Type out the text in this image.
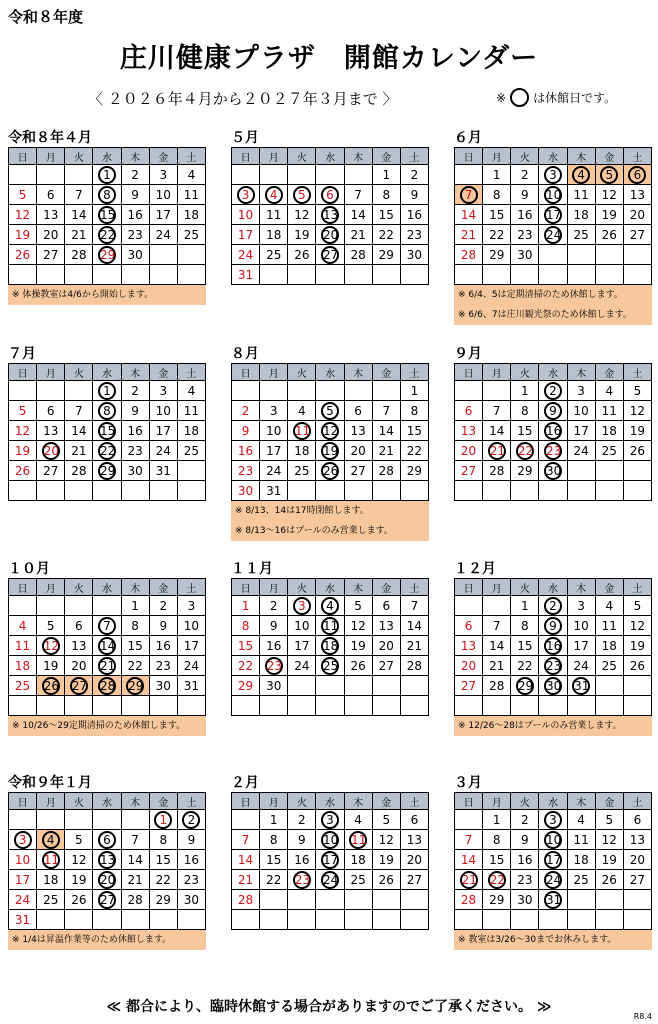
令和８年度
庄川健康プラザ　開館カレンダー
〈 ２０２６年４月から２０２７年３月まで 〉	※ は休館日です。
令和８年４月
日	月	火	水	木	金	土
			1	2	3	4
5	6	7	8	9	10	11
12	13	14	15	16	17	18
19	20	21	22	23	24	25
26	27	28	29	30		

※ 体操教室は4/6から開始します。
５月
日	月	火	水	木	金	土
					1	2
3	4	5	6	7	8	9
10	11	12	13	14	15	16
17	18	19	20	21	22	23
24	25	26	27	28	29	30
31						
６月
日	月	火	水	木	金	土
	1	2	3	4	5	6
7	8	9	10	11	12	13
14	15	16	17	18	19	20
21	22	23	24	25	26	27
28	29	30				

※ 6/4、5は定期清掃のため休館します。
※ 6/6、7は庄川観光祭のため休館します。
７月
日	月	火	水	木	金	土
			1	2	3	4
5	6	7	8	9	10	11
12	13	14	15	16	17	18
19	20	21	22	23	24	25
26	27	28	29	30	31	

８月
日	月	火	水	木	金	土
						1
2	3	4	5	6	7	8
9	10	11	12	13	14	15
16	17	18	19	20	21	22
23	24	25	26	27	28	29
30	31					
※ 8/13、14は17時閉館します。
※ 8/13～16はプールのみ営業します。
９月
日	月	火	水	木	金	土
		1	2	3	4	5
6	7	8	9	10	11	12
13	14	15	16	17	18	19
20	21	22	23	24	25	26
27	28	29	30			

１０月
日	月	火	水	木	金	土
				1	2	3
4	5	6	7	8	9	10
11	12	13	14	15	16	17
18	19	20	21	22	23	24
25	26	27	28	29	30	31

※ 10/26～29定期清掃のため休館します。
１１月
日	月	火	水	木	金	土
1	2	3	4	5	6	7
8	9	10	11	12	13	14
15	16	17	18	19	20	21
22	23	24	25	26	27	28
29	30					

１２月
日	月	火	水	木	金	土
		1	2	3	4	5
6	7	8	9	10	11	12
13	14	15	16	17	18	19
20	21	22	23	24	25	26
27	28	29	30	31		

※ 12/26～28はプールのみ営業します。
令和９年１月
日	月	火	水	木	金	土
					1	2
3	4	5	6	7	8	9
10	11	12	13	14	15	16
17	18	19	20	21	22	23
24	25	26	27	28	29	30
31						
※ 1/4は昇温作業等のため休館します。
２月
日	月	火	水	木	金	土
	1	2	3	4	5	6
7	8	9	10	11	12	13
14	15	16	17	18	19	20
21	22	23	24	25	26	27
28						

３月
日	月	火	水	木	金	土
	1	2	3	4	5	6
7	8	9	10	11	12	13
14	15	16	17	18	19	20
21	22	23	24	25	26	27
28	29	30	31			

※ 教室は3/26～30までお休みします。
≪ 都合により、臨時休館する場合がありますのでご了承ください。 ≫
R8.4
